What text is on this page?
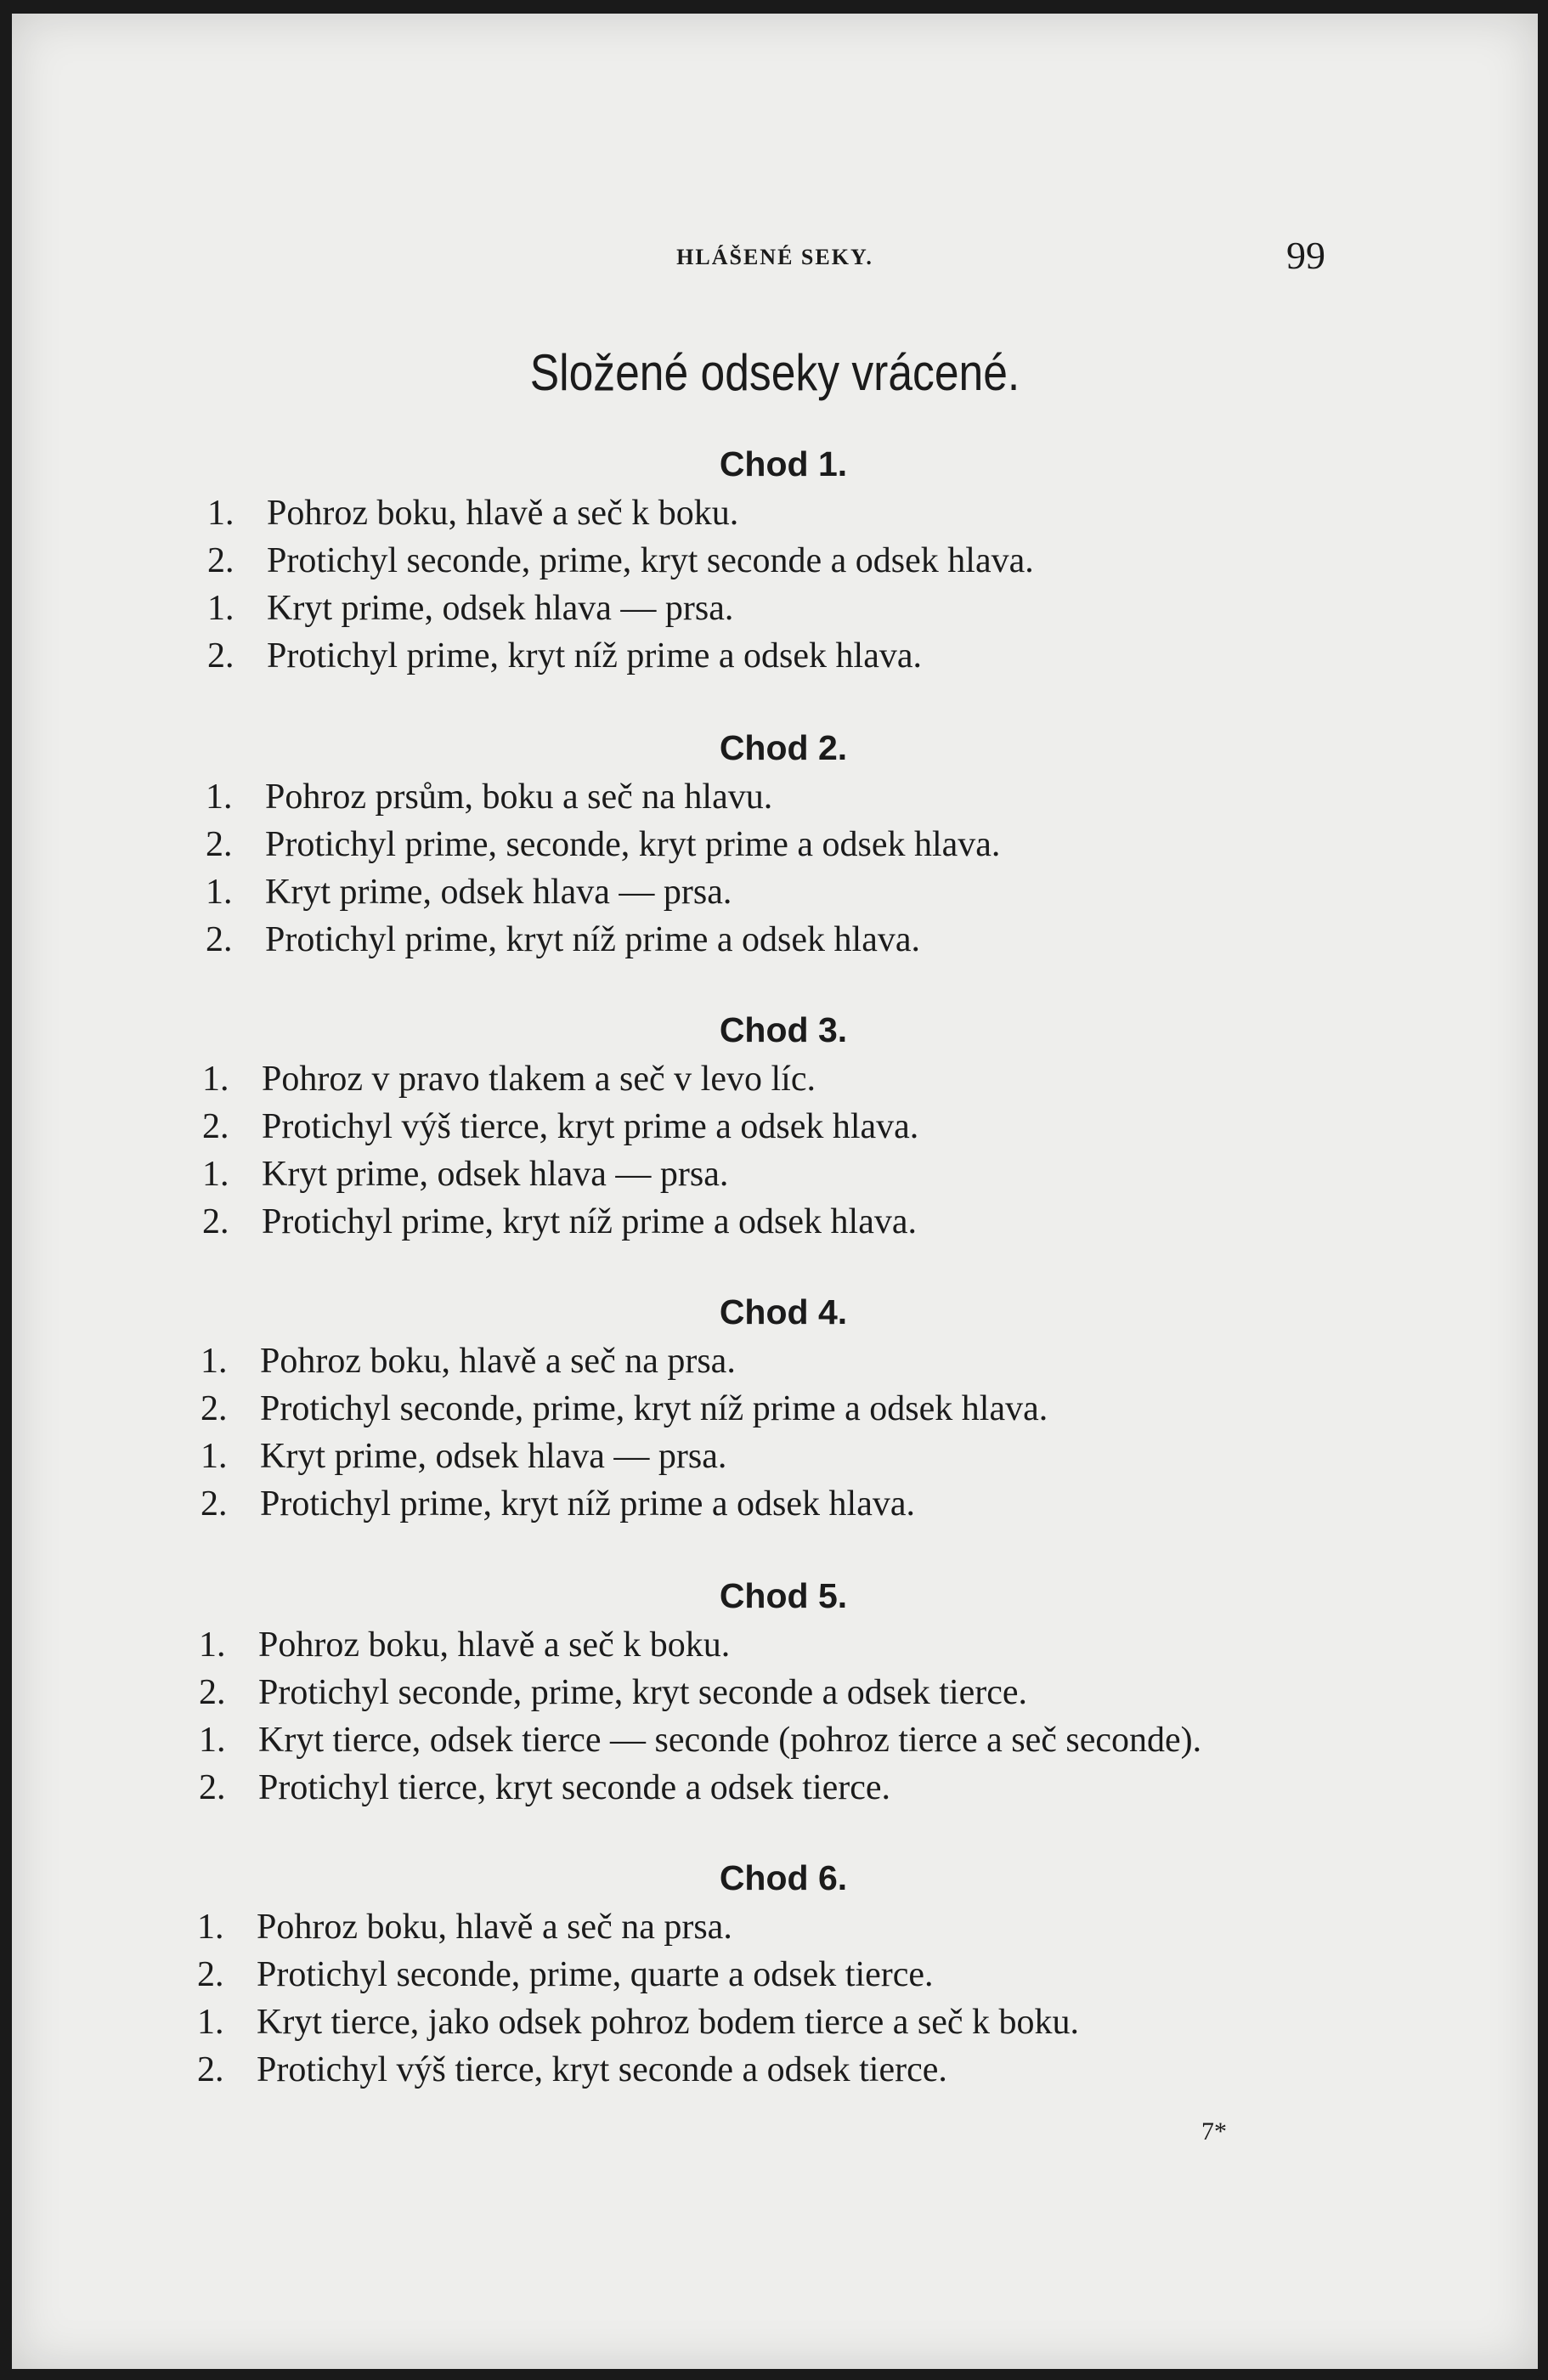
HLÁŠENÉ SEKY.	99
Složené odseky vrácené.
Chod 1.
1. Pohroz boku, hlavě a seč k boku.
2. Protichyl seconde, prime, kryt seconde a odsek hlava.
1. Kryt prime, odsek hlava — prsa.
2. Protichyl prime, kryt níž prime a odsek hlava.
Chod 2.
1. Pohroz prsům, boku a seč na hlavu.
2. Protichyl prime, seconde, kryt prime a odsek hlava.
1. Kryt prime, odsek hlava — prsa.
2. Protichyl prime, kryt níž prime a odsek hlava.
Chod 3.
1. Pohroz v pravo tlakem a seč v levo líc.
2. Protichyl výš tierce, kryt prime a odsek hlava.
1. Kryt prime, odsek hlava — prsa.
2. Protichyl prime, kryt níž prime a odsek hlava.
Chod 4.
1. Pohroz boku, hlavě a seč na prsa.
2. Protichyl seconde, prime, kryt níž prime a odsek hlava.
1. Kryt prime, odsek hlava — prsa.
2. Protichyl prime, kryt níž prime a odsek hlava.
Chod 5.
1. Pohroz boku, hlavě a seč k boku.
2. Protichyl seconde, prime, kryt seconde a odsek tierce.
1. Kryt tierce, odsek tierce — seconde (pohroz tierce a seč seconde).
2. Protichyl tierce, kryt seconde a odsek tierce.
Chod 6.
1. Pohroz boku, hlavě a seč na prsa.
2. Protichyl seconde, prime, quarte a odsek tierce.
1. Kryt tierce, jako odsek pohroz bodem tierce a seč k boku.
2. Protichyl výš tierce, kryt seconde a odsek tierce.
7*
